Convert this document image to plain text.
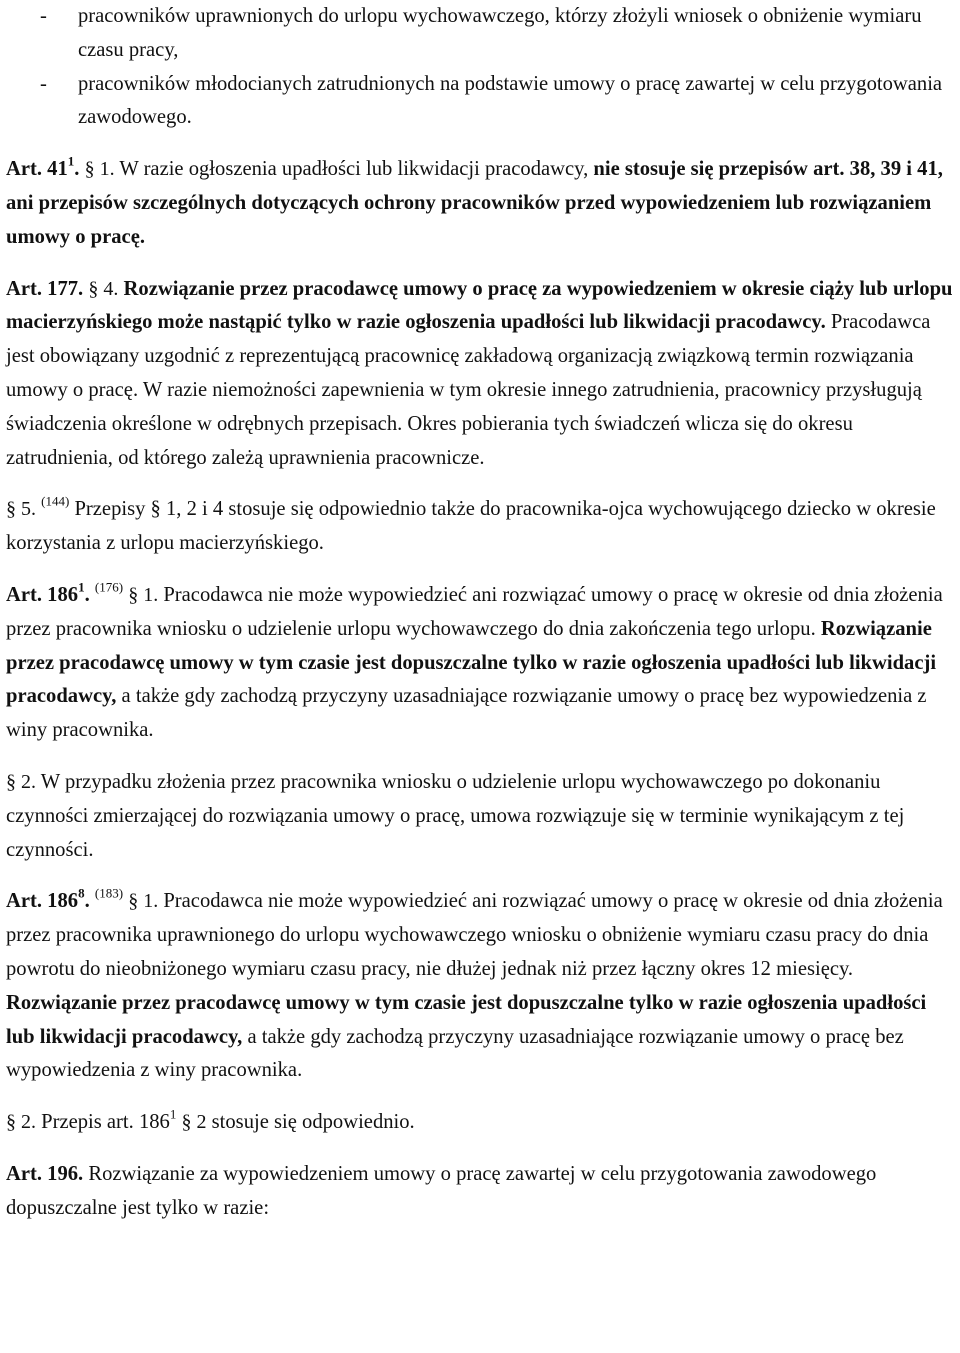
- pracowników uprawnionych do urlopu wychowawczego, którzy złożyli wniosek o obniżenie wymiaru czasu pracy,

- pracowników młodocianych zatrudnionych na podstawie umowy o pracę zawartej w celu przygotowania zawodowego.

Art. $41^1$. § 1. W razie ogłoszenia upadłości lub likwidacji pracodawcy, nie stosuje się przepisów art. 38, 39 i 41, ani przepisów szczególnych dotyczących ochrony pracowników przed wypowiedzeniem lub rozwiązaniem umowy o pracę.

Art. 177. § 4. Rozwiązanie przez pracodawcę umowy o pracę za wypowiedzeniem w okresie ciąży lub urlopu macierzyńskiego może nastąpić tylko w razie ogłoszenia upadłości lub likwidacji pracodawcy. Pracodawca jest obowiązany uzgodnić z reprezentującą pracownicę zakładową organizacją związkową termin rozwiązania umowy o pracę. W razie niemożności zapewnienia w tym okresie innego zatrudnienia, pracownicy przysługują świadczenia określone w odrębnych przepisach. Okres pobierania tych świadczeń wlicza się do okresu zatrudnienia, od którego zależą uprawnienia pracownicze.

§ 5. $^{(144)}$ Przepisy § 1, 2 i 4 stosuje się odpowiednio także do pracownika-ojca wychowującego dziecko w okresie korzystania z urlopu macierzyńskiego.

Art. $186^1$. $^{(176)}$ § 1. Pracodawca nie może wypowiedzieć ani rozwiązać umowy o pracę w okresie od dnia złożenia przez pracownika wniosku o udzielenie urlopu wychowawczego do dnia zakończenia tego urlopu. Rozwiązanie przez pracodawcę umowy w tym czasie jest dopuszczalne tylko w razie ogłoszenia upadłości lub likwidacji pracodawcy, a także gdy zachodzą przyczyny uzasadniające rozwiązanie umowy o pracę bez wypowiedzenia z winy pracownika.

§ 2. W przypadku złożenia przez pracownika wniosku o udzielenie urlopu wychowawczego po dokonaniu czynności zmierzającej do rozwiązania umowy o pracę, umowa rozwiązuje się w terminie wynikającym z tej czynności.

Art. $186^8$. $^{(183)}$ § 1. Pracodawca nie może wypowiedzieć ani rozwiązać umowy o pracę w okresie od dnia złożenia przez pracownika uprawnionego do urlopu wychowawczego wniosku o obniżenie wymiaru czasu pracy do dnia powrotu do nieobniżonego wymiaru czasu pracy, nie dłużej jednak niż przez łączny okres 12 miesięcy. Rozwiązanie przez pracodawcę umowy w tym czasie jest dopuszczalne tylko w razie ogłoszenia upadłości lub likwidacji pracodawcy, a także gdy zachodzą przyczyny uzasadniające rozwiązanie umowy o pracę bez wypowiedzenia z winy pracownika.

§ 2. Przepis art. $186^1$ § 2 stosuje się odpowiednio.

Art. 196. Rozwiązanie za wypowiedzeniem umowy o pracę zawartej w celu przygotowania zawodowego dopuszczalne jest tylko w razie:
